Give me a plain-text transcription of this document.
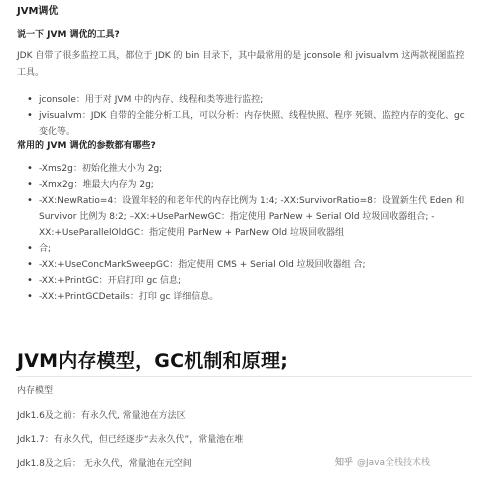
JVM调优
说一下 JVM 调优的工具?
JDK 自带了很多监控工具，都位于 JDK 的 bin 目录下，其中最常用的是 jconsole 和 jvisualvm 这两款视图监控工具。
• jconsole：用于对 JVM 中的内存、线程和类等进行监控;
• jvisualvm：JDK 自带的全能分析工具，可以分析：内存快照、线程快照、程序 死锁、监控内存的变化、gc 变化等。
常用的 JVM 调优的参数都有哪些?
• -Xms2g：初始化推大小为 2g;
• -Xmx2g：堆最大内存为 2g;
• -XX:NewRatio=4：设置年轻的和老年代的内存比例为 1:4; -XX:SurvivorRatio=8：设置新生代 Eden 和 Survivor 比例为 8:2; –XX:+UseParNewGC：指定使用 ParNew + Serial Old 垃圾回收器组合; -XX:+UseParallelOldGC：指定使用 ParNew + ParNew Old 垃圾回收器组
• 合;
• -XX:+UseConcMarkSweepGC：指定使用 CMS + Serial Old 垃圾回收器组 合;
• -XX:+PrintGC：开启打印 gc 信息;
• -XX:+PrintGCDetails：打印 gc 详细信息。
JVM内存模型，GC机制和原理;
内存模型
Jdk1.6及之前：有永久代, 常量池在方法区
Jdk1.7：有永久代，但已经逐步“去永久代”，常量池在堆
Jdk1.8及之后： 无永久代，常量池在元空间	知乎 @Java全栈技术栈
